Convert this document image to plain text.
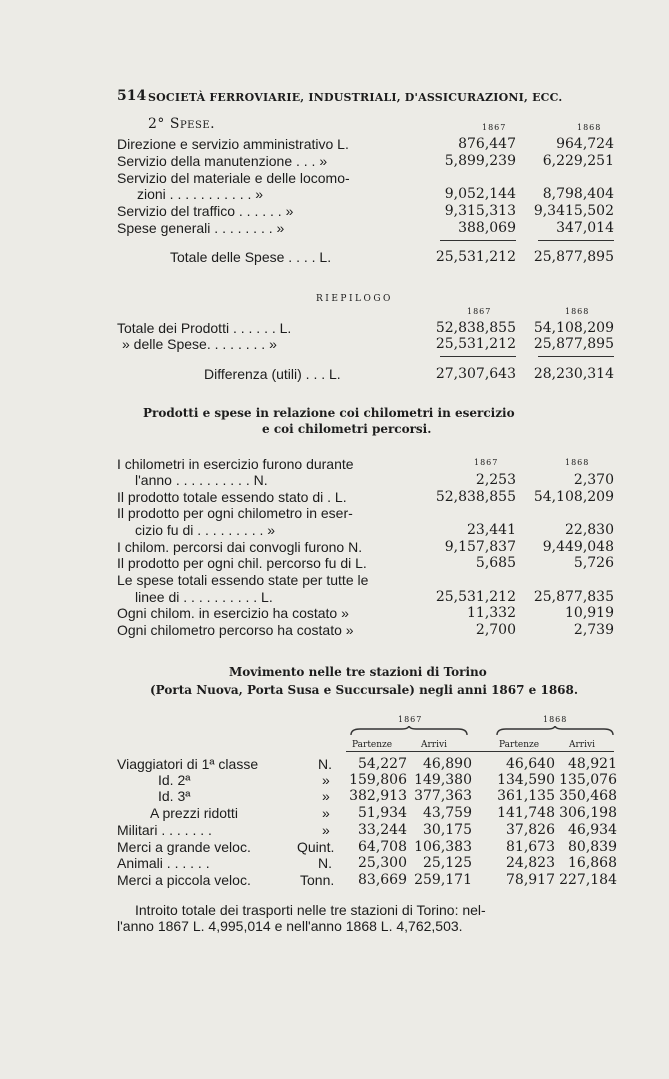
514 SOCIETÀ FERROVIARIE, INDUSTRIALI, D'ASSICURAZIONI, ECC.
2° Spese.	1867	1868
Direzione e servizio amministrativo L.	876,447	964,724
Servizio della manutenzione . . . »	5,899,239 6,229,251
Servizio del materiale e delle locomo-
zioni . . . . . . . . . . . »	9,052,144 8,798,404
Servizio del traffico . . . . . . »	9,315,313 9,3415,502
Spese generali . . . . . . . . »	388,069	347,014
Totale delle Spese . . . . L.	25,531,212 25,877,895
RIEPILOGO
1867	1868
Totale dei Prodotti . . . . . . L.	52,838,855 54,108,209
» delle Spese. . . . . . . . »	25,531,212 25,877,895
Differenza (utili) . . . L.	27,307,643 28,230,314
Prodotti e spese in relazione coi chilometri in esercizio
e coi chilometri percorsi.
1867	1868
I chilometri in esercizio furono durante
l'anno . . . . . . . . . . N.	2,253	2,370
Il prodotto totale essendo stato di . L.	52,838,855 54,108,209
Il prodotto per ogni chilometro in eser-
cizio fu di . . . . . . . . . »	23,441	22,830
I chilom. percorsi dai convogli furono N.	9,157,837 9,449,048
Il prodotto per ogni chil. percorso fu di L.	5,685	5,726
Le spese totali essendo state per tutte le
linee di . . . . . . . . . . L.	25,531,212 25,877,835
Ogni chilom. in esercizio ha costato »	11,332	10,919
Ogni chilometro percorso ha costato »	2,700	2,739
Movimento nelle tre stazioni di Torino
(Porta Nuova, Porta Susa e Succursale) negli anni 1867 e 1868.
1867	1868
Partenze	Arrivi	Partenze	Arrivi
Viaggiatori di 1ª classe	N. 54,227 46,890 46,640 48,921
Id. 2ª	» 159,806 149,380 134,590 135,076
Id. 3ª	» 382,913 377,363 361,135 350,468
A prezzi ridotti	» 51,934 43,759 141,748 306,198
Militari . . . . . . .	» 33,244 30,175 37,826 46,934
Merci a grande veloc.	Quint. 64,708 106,383 81,673 80,839
Animali . . . . . .	N. 25,300 25,125 24,823 16,868
Merci a piccola veloc.	Tonn. 83,669 259,171 78,917 227,184
Introito totale dei trasporti nelle tre stazioni di Torino: nel-
l'anno 1867 L. 4,995,014 e nell'anno 1868 L. 4,762,503.
